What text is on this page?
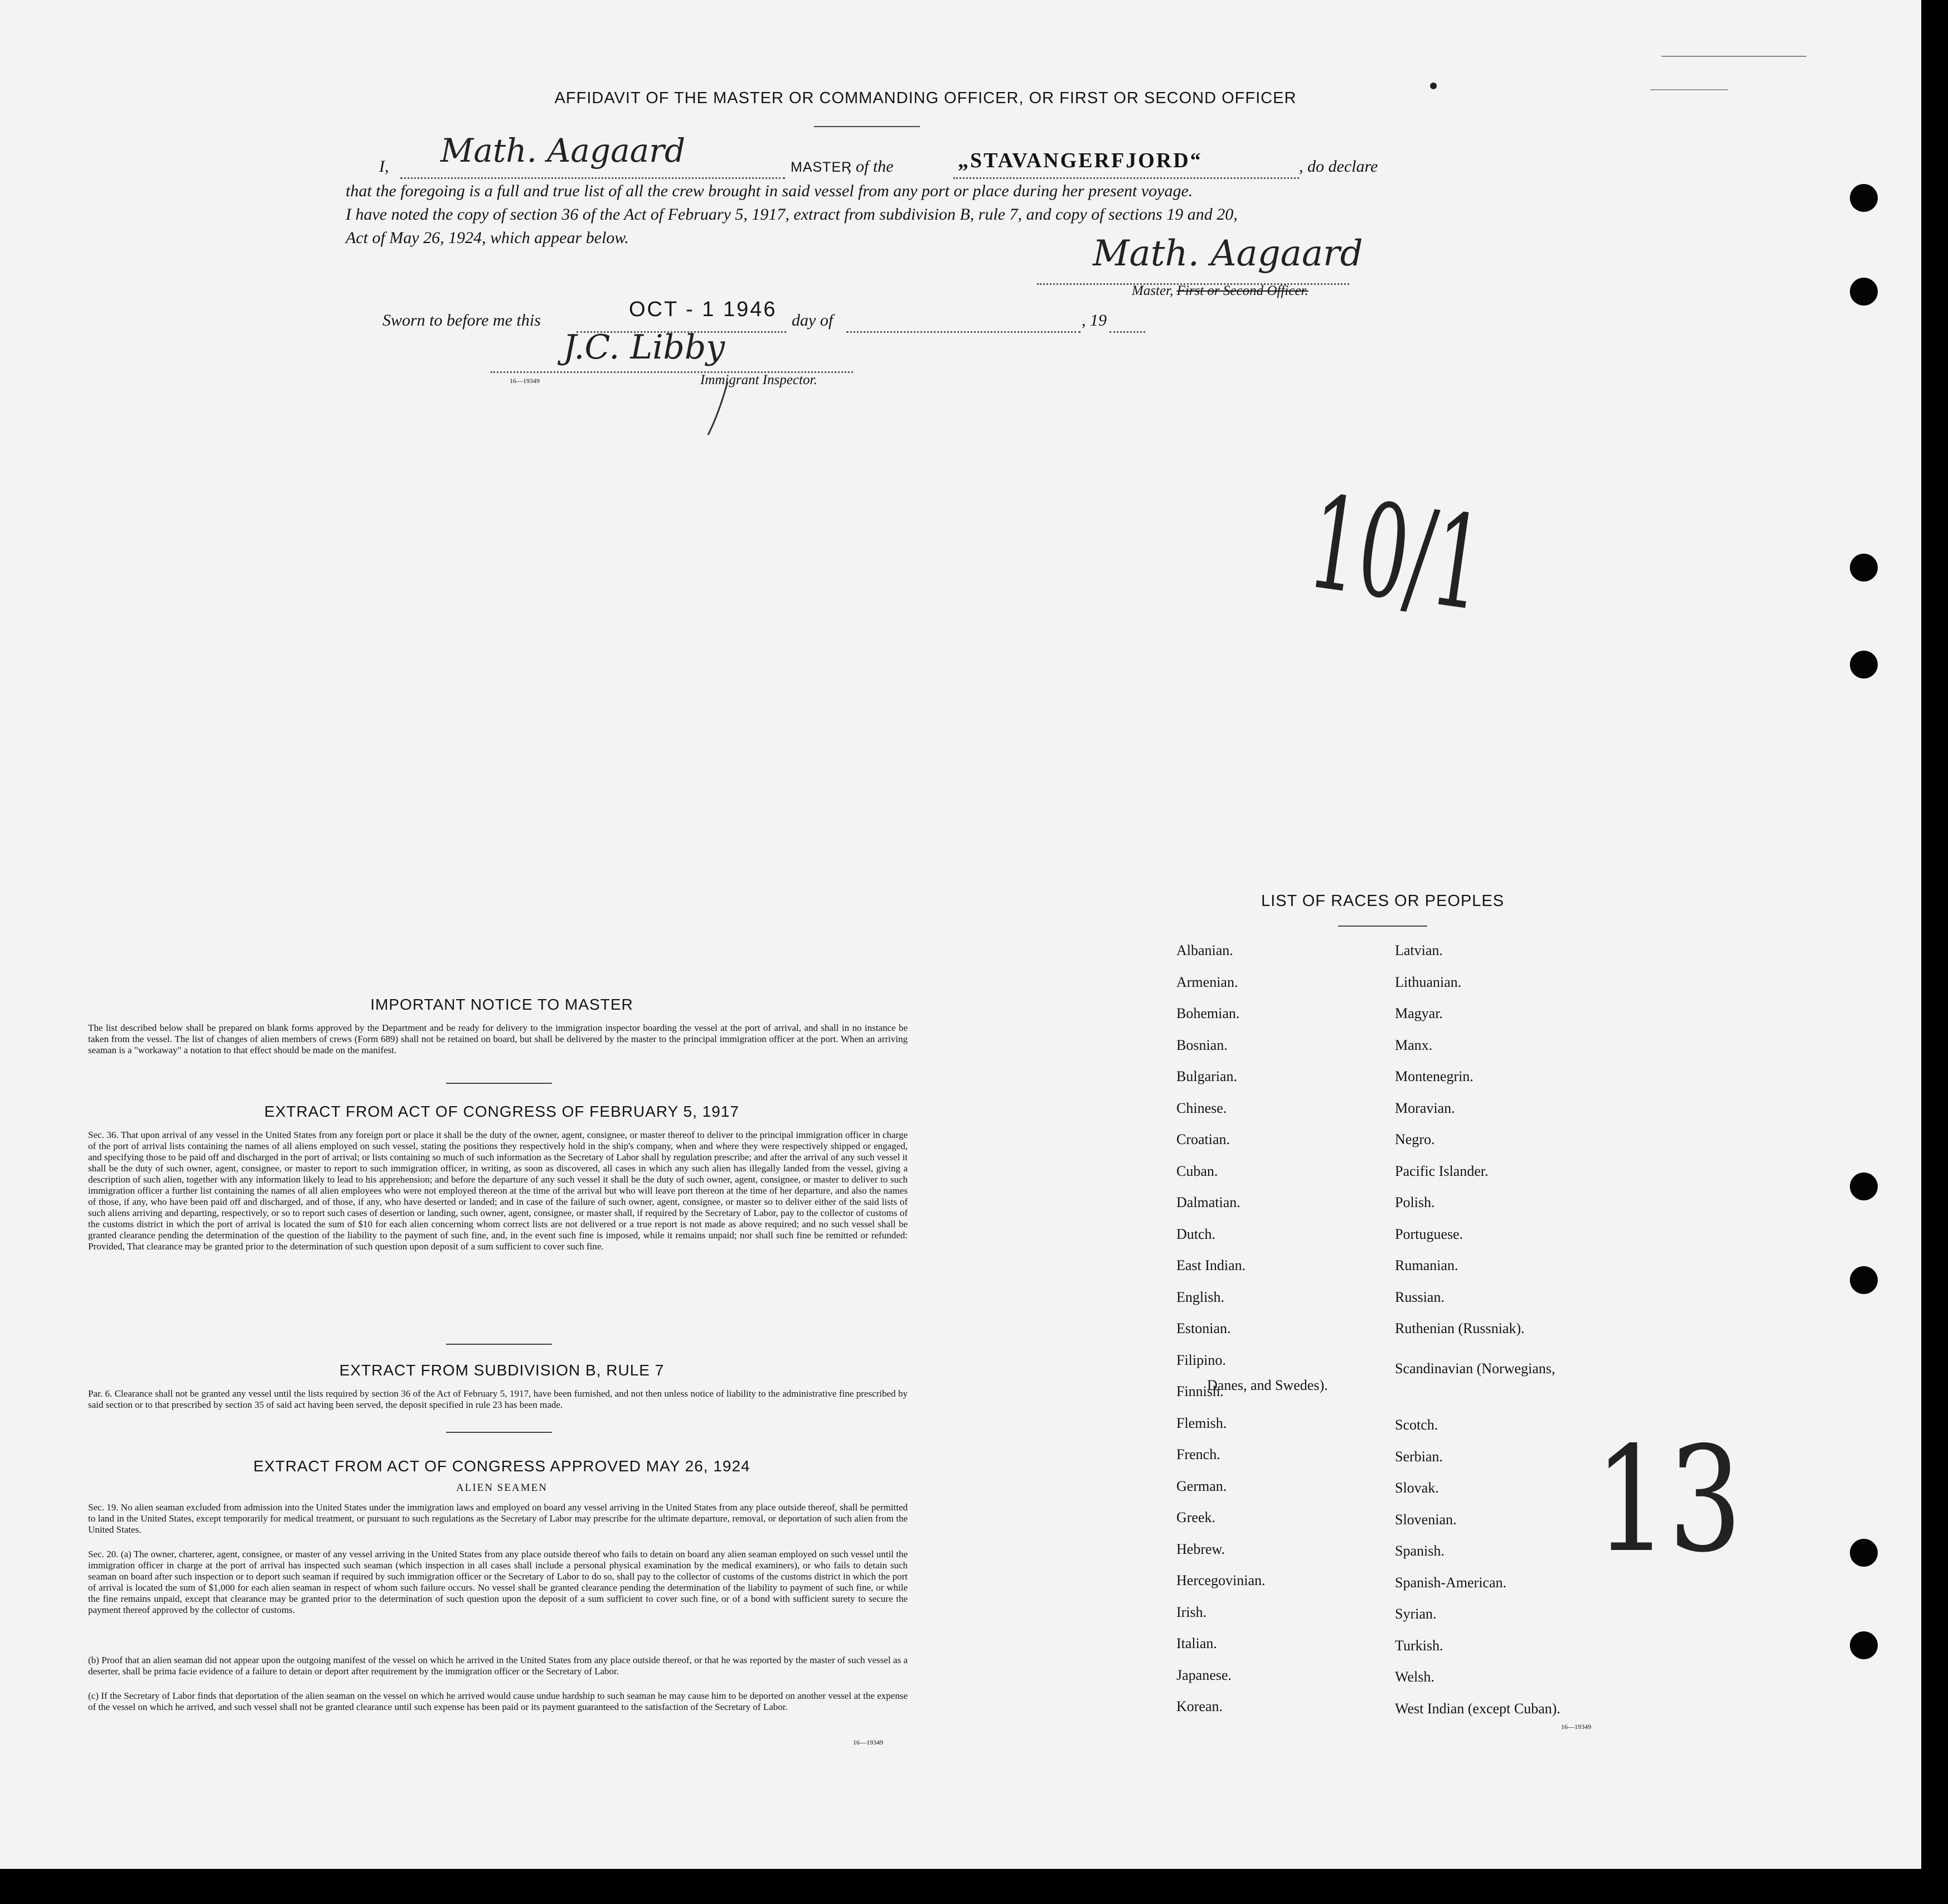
AFFIDAVIT OF THE MASTER OR COMMANDING OFFICER, OR FIRST OR SECOND OFFICER
I, Math. Aagaard	MASTER
, of the	„STAVANGERFJORD“	, do declare
that the foregoing is a full and true list of all the crew brought in said vessel from any port or place during her present voyage.
I have noted the copy of section 36 of the Act of February 5, 1917, extract from subdivision B, rule 7, and copy of sections 19 and 20,
Act of May 26, 1924, which appear below.	Math. Aagaard
Master, First or Second Officer.
Sworn to before me this	OCT - 1 1946 day of	, 19
J.C. Libby
16—19349	Immigrant Inspector.
10/1
IMPORTANT NOTICE TO MASTER
The list described below shall be prepared on blank forms approved by the Department and be ready for delivery to the immigration inspector boarding the vessel at the port of arrival, and shall in no instance be taken from the vessel. The list of changes of alien members of crews (Form 689) shall not be retained on board, but shall be delivered by the master to the principal immigration officer at the port. When an arriving seaman is a "workaway" a notation to that effect should be made on the manifest.
EXTRACT FROM ACT OF CONGRESS OF FEBRUARY 5, 1917
Sec. 36. That upon arrival of any vessel in the United States from any foreign port or place it shall be the duty of the owner, agent, consignee, or master thereof to deliver to the principal immigration officer in charge of the port of arrival lists containing the names of all aliens employed on such vessel, stating the positions they respectively hold in the ship's company, when and where they were respectively shipped or engaged, and specifying those to be paid off and discharged in the port of arrival; or lists containing so much of such information as the Secretary of Labor shall by regulation prescribe; and after the arrival of any such vessel it shall be the duty of such owner, agent, consignee, or master to report to such immigration officer, in writing, as soon as discovered, all cases in which any such alien has illegally landed from the vessel, giving a description of such alien, together with any information likely to lead to his apprehension; and before the departure of any such vessel it shall be the duty of such owner, agent, consignee, or master to deliver to such immigration officer a further list containing the names of all alien employees who were not employed thereon at the time of the arrival but who will leave port thereon at the time of her departure, and also the names of those, if any, who have been paid off and discharged, and of those, if any, who have deserted or landed; and in case of the failure of such owner, agent, consignee, or master so to deliver either of the said lists of such aliens arriving and departing, respectively, or so to report such cases of desertion or landing, such owner, agent, consignee, or master shall, if required by the Secretary of Labor, pay to the collector of customs of the customs district in which the port of arrival is located the sum of $10 for each alien concerning whom correct lists are not delivered or a true report is not made as above required; and no such vessel shall be granted clearance pending the determination of the question of the liability to the payment of such fine, and, in the event such fine is imposed, while it remains unpaid; nor shall such fine be remitted or refunded: Provided, That clearance may be granted prior to the determination of such question upon deposit of a sum sufficient to cover such fine.
EXTRACT FROM SUBDIVISION B, RULE 7
Par. 6. Clearance shall not be granted any vessel until the lists required by section 36 of the Act of February 5, 1917, have been furnished, and not then unless notice of liability to the administrative fine prescribed by said section or to that prescribed by section 35 of said act having been served, the deposit specified in rule 23 has been made.
EXTRACT FROM ACT OF CONGRESS APPROVED MAY 26, 1924
ALIEN SEAMEN
Sec. 19. No alien seaman excluded from admission into the United States under the immigration laws and employed on board any vessel arriving in the United States from any place outside thereof, shall be permitted to land in the United States, except temporarily for medical treatment, or pursuant to such regulations as the Secretary of Labor may prescribe for the ultimate departure, removal, or deportation of such alien from the United States.
Sec. 20. (a) The owner, charterer, agent, consignee, or master of any vessel arriving in the United States from any place outside thereof who fails to detain on board any alien seaman employed on such vessel until the immigration officer in charge at the port of arrival has inspected such seaman (which inspection in all cases shall include a personal physical examination by the medical examiners), or who fails to detain such seaman on board after such inspection or to deport such seaman if required by such immigration officer or the Secretary of Labor to do so, shall pay to the collector of customs of the customs district in which the port of arrival is located the sum of $1,000 for each alien seaman in respect of whom such failure occurs. No vessel shall be granted clearance pending the determination of the liability to payment of such fine, or while the fine remains unpaid, except that clearance may be granted prior to the determination of such question upon the deposit of a sum sufficient to cover such fine, or of a bond with sufficient surety to secure the payment thereof approved by the collector of customs.
(b) Proof that an alien seaman did not appear upon the outgoing manifest of the vessel on which he arrived in the United States from any place outside thereof, or that he was reported by the master of such vessel as a deserter, shall be prima facie evidence of a failure to detain or deport after requirement by the immigration officer or the Secretary of Labor.
(c) If the Secretary of Labor finds that deportation of the alien seaman on the vessel on which he arrived would cause undue hardship to such seaman he may cause him to be deported on another vessel at the expense of the vessel on which he arrived, and such vessel shall not be granted clearance until such expense has been paid or its payment guaranteed to the satisfaction of the Secretary of Labor.
16—19349
LIST OF RACES OR PEOPLES
Albanian.
Armenian.
Bohemian.
Bosnian.
Bulgarian.
Chinese.
Croatian.
Cuban.
Dalmatian.
Dutch.
East Indian.
English.
Estonian.
Filipino.
Finnish.
Flemish.
French.
German.
Greek.
Hebrew.
Hercegovinian.
Irish.
Italian.
Japanese.
Korean.
Latvian.
Lithuanian.
Magyar.
Manx.
Montenegrin.
Moravian.
Negro.
Pacific Islander.
Polish.
Portuguese.
Rumanian.
Russian.
Ruthenian (Russniak).
Scandinavian (Norwegians,
Danes, and Swedes).
Scotch.
Serbian.
Slovak.
Slovenian.
Spanish.
Spanish-American.
Syrian.
Turkish.
Welsh.
West Indian (except Cuban).
16—19349
13
